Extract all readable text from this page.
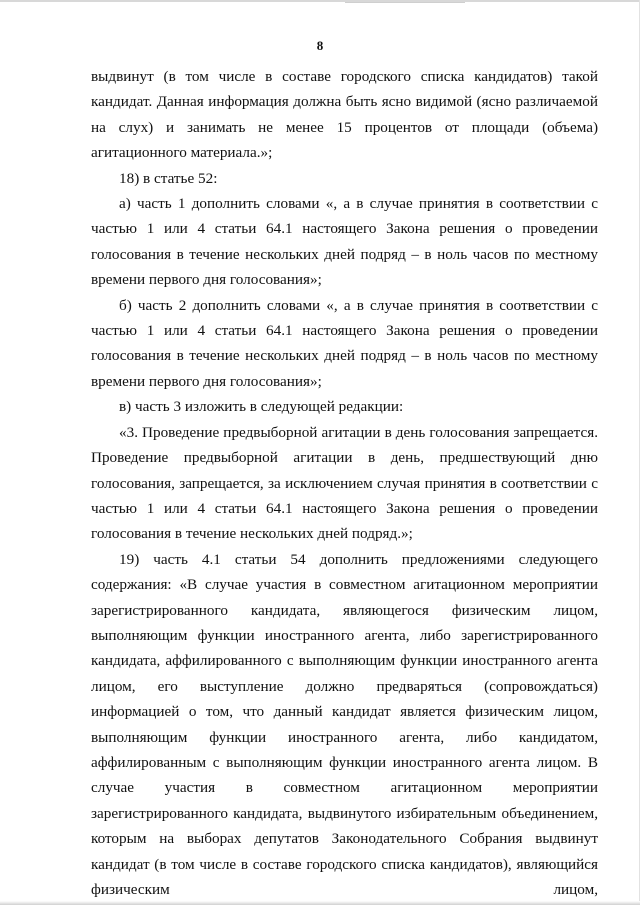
8

выдвинут (в том числе в составе городского списка кандидатов) такой кандидат. Данная информация должна быть ясно видимой (ясно различаемой на слух) и занимать не менее 15 процентов от площади (объема) агитационного материала.»;

18) в статье 52:

а) часть 1 дополнить словами «, а в случае принятия в соответствии с частью 1 или 4 статьи 64.1 настоящего Закона решения о проведении голосования в течение нескольких дней подряд – в ноль часов по местному времени первого дня голосования»;

б) часть 2 дополнить словами «, а в случае принятия в соответствии с частью 1 или 4 статьи 64.1 настоящего Закона решения о проведении голосования в течение нескольких дней подряд – в ноль часов по местному времени первого дня голосования»;

в) часть 3 изложить в следующей редакции:

«3. Проведение предвыборной агитации в день голосования запрещается. Проведение предвыборной агитации в день, предшествующий дню голосования, запрещается, за исключением случая принятия в соответствии с частью 1 или 4 статьи 64.1 настоящего Закона решения о проведении голосования в течение нескольких дней подряд.»;

19) часть 4.1 статьи 54 дополнить предложениями следующего содержания: «В случае участия в совместном агитационном мероприятии зарегистрированного кандидата, являющегося физическим лицом, выполняющим функции иностранного агента, либо зарегистрированного кандидата, аффилированного с выполняющим функции иностранного агента лицом, его выступление должно предваряться (сопровождаться) информацией о том, что данный кандидат является физическим лицом, выполняющим функции иностранного агента, либо кандидатом, аффилированным с выполняющим функции иностранного агента лицом. В случае участия в совместном агитационном мероприятии зарегистрированного кандидата, выдвинутого избирательным объединением, которым на выборах депутатов Законодательного Собрания выдвинут кандидат (в том числе в составе городского списка кандидатов), являющийся физическим лицом,
